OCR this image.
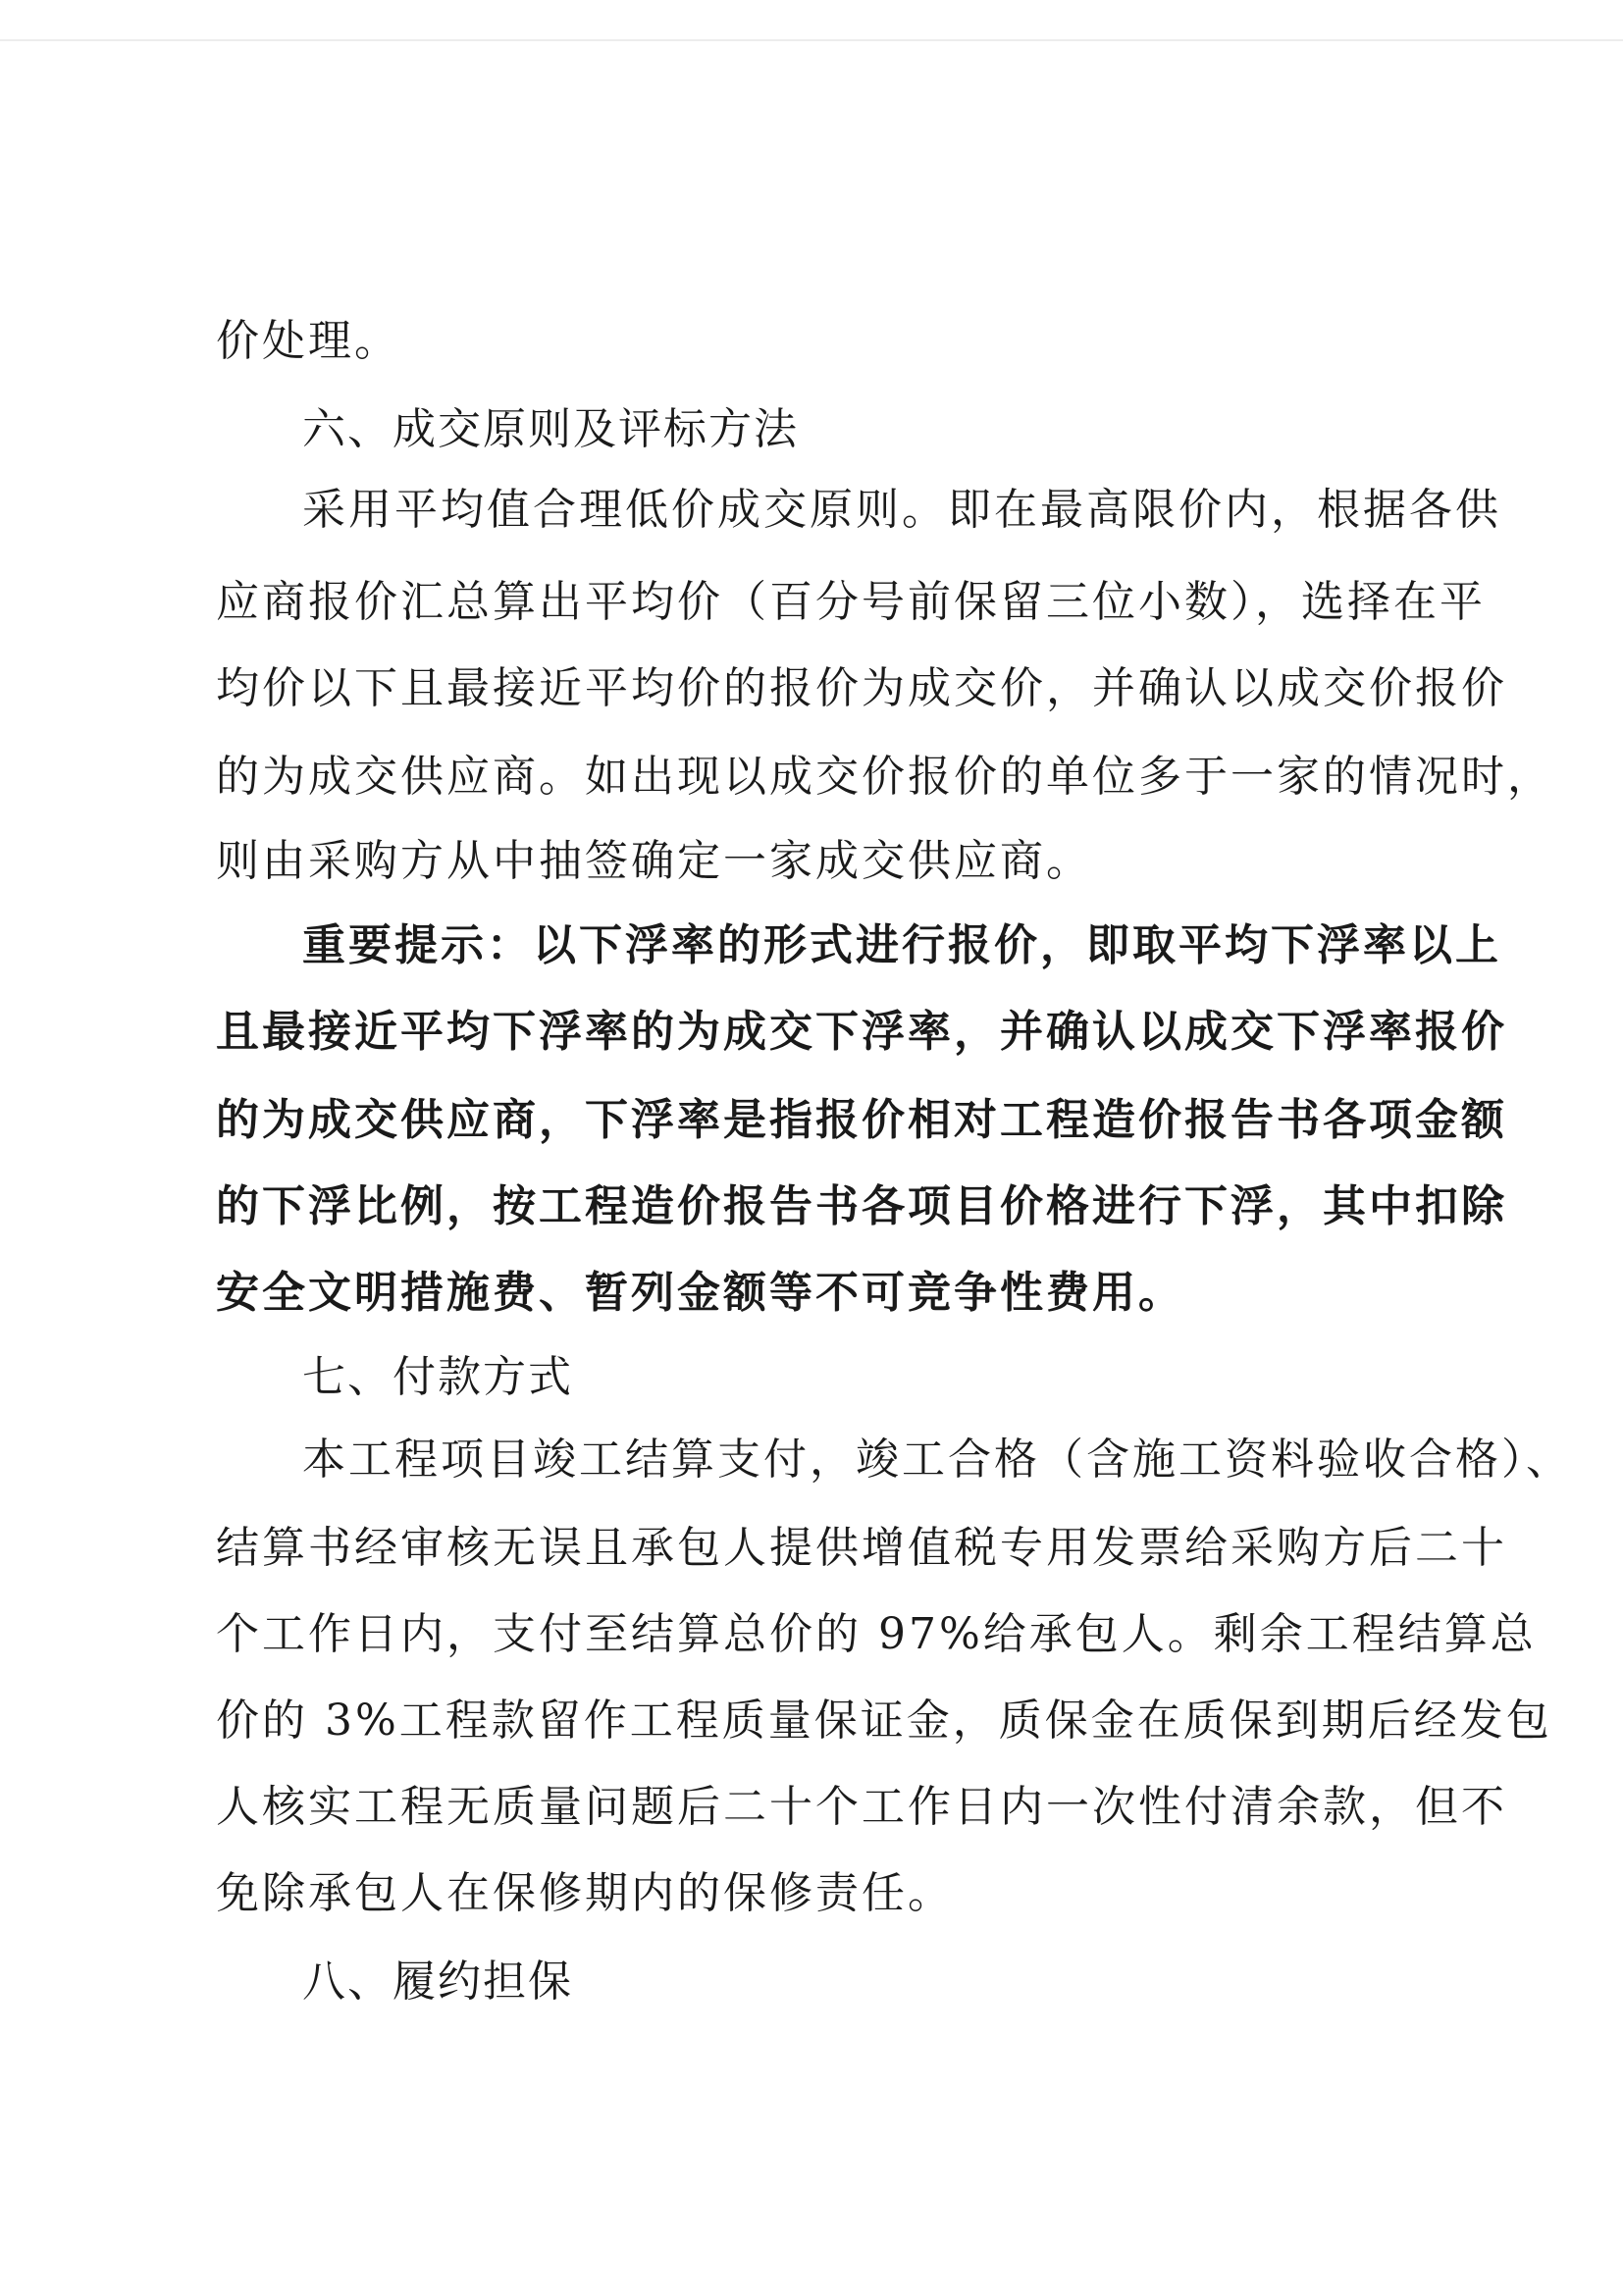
价处理。
六、成交原则及评标方法
采用平均值合理低价成交原则。即在最高限价内，根据各供
应商报价汇总算出平均价（百分号前保留三位小数），选择在平
均价以下且最接近平均价的报价为成交价，并确认以成交价报价
的为成交供应商。如出现以成交价报价的单位多于一家的情况时，
则由采购方从中抽签确定一家成交供应商。
重要提示：以下浮率的形式进行报价，即取平均下浮率以上
且最接近平均下浮率的为成交下浮率，并确认以成交下浮率报价
的为成交供应商，下浮率是指报价相对工程造价报告书各项金额
的下浮比例，按工程造价报告书各项目价格进行下浮，其中扣除
安全文明措施费、暂列金额等不可竞争性费用。
七、付款方式
本工程项目竣工结算支付，竣工合格（含施工资料验收合格）、
结算书经审核无误且承包人提供增值税专用发票给采购方后二十
个工作日内，支付至结算总价的 97%给承包人。剩余工程结算总
价的 3%工程款留作工程质量保证金，质保金在质保到期后经发包
人核实工程无质量问题后二十个工作日内一次性付清余款，但不
免除承包人在保修期内的保修责任。
八、履约担保
